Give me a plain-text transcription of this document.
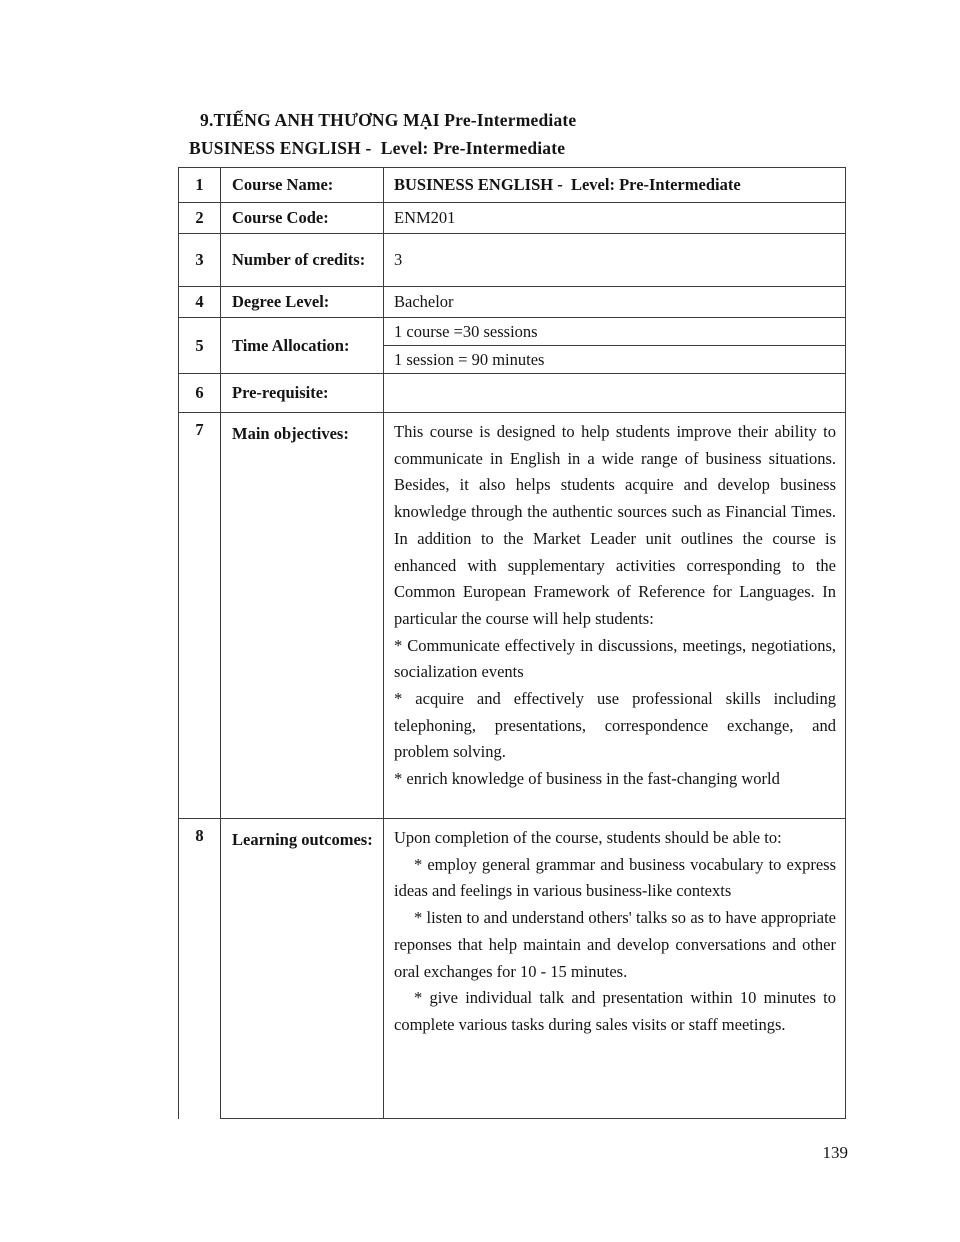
9.TIẾNG ANH THƯƠNG MẠI Pre-Intermediate
BUSINESS ENGLISH -  Level: Pre-Intermediate
1	Course Name:	BUSINESS ENGLISH -  Level: Pre-Intermediate
2	Course Code:	ENM201
3	Number of credits:	3
4	Degree Level:	Bachelor
5	Time Allocation:	1 course =30 sessions
		1 session = 90 minutes
6	Pre-requisite:	
7	Main objectives:	This course is designed to help students improve their ability to communicate in English in a wide range of business situations. Besides, it also helps students acquire and develop business knowledge through the authentic sources such as Financial Times. In addition to the Market Leader unit outlines the course is enhanced with supplementary activities corresponding to the Common European Framework of Reference for Languages. In particular the course will help students:

* Communicate effectively in discussions, meetings, negotiations, socialization events

* acquire and effectively use professional skills including telephoning, presentations, correspondence exchange, and problem solving.

* enrich knowledge of business in the fast-changing world

8	Learning outcomes:	Upon completion of the course, students should be able to:

* employ general grammar and business vocabulary to express ideas and feelings in various business-like contexts

* listen to and understand others' talks so as to have appropriate reponses that help maintain and develop conversations and other oral exchanges for 10 - 15 minutes.

* give individual talk and presentation within 10 minutes to complete various tasks during sales visits or staff meetings.

139
